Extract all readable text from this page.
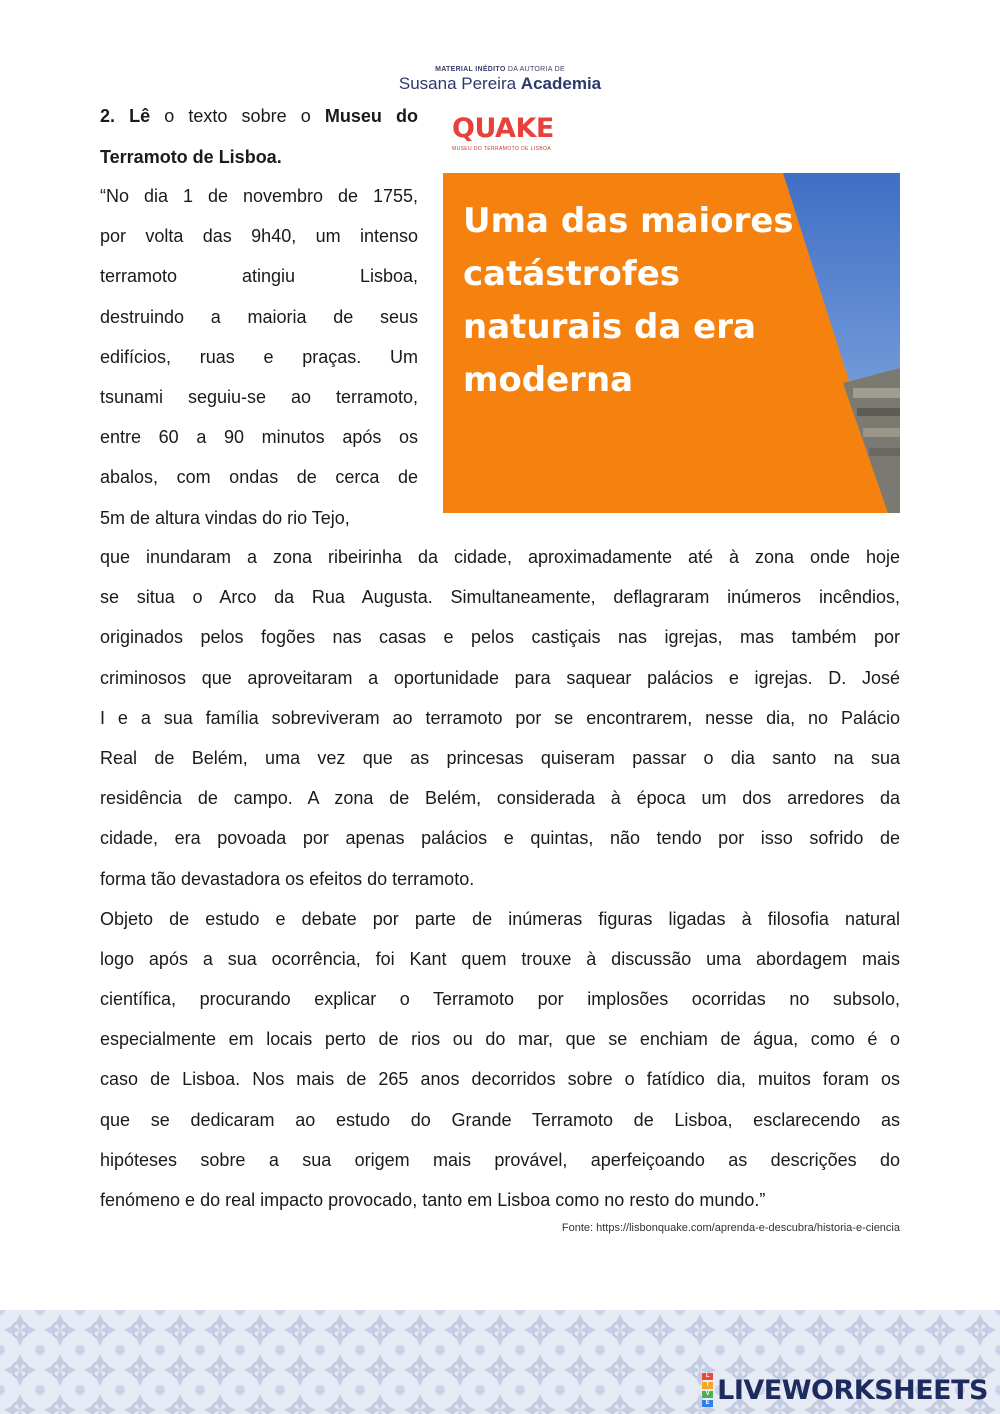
MATERIAL INÉDITO DA AUTORIA DE
Susana Pereira Academia
2. Lê o texto sobre o Museu do
Terramoto de Lisboa.
“No dia 1 de novembro de 1755,
por volta das 9h40, um intenso
terramoto atingiu Lisboa,
destruindo a maioria de seus
edifícios, ruas e praças. Um
tsunami seguiu-se ao terramoto,
entre 60 a 90 minutos após os
abalos, com ondas de cerca de
5m de altura vindas do rio Tejo,
QUAKE
MUSEU DO TERRAMOTO DE LISBOA
Uma das maiores
catástrofes
naturais da era
moderna
que inundaram a zona ribeirinha da cidade, aproximadamente até à zona onde hoje
se situa o Arco da Rua Augusta. Simultaneamente, deflagraram inúmeros incêndios,
originados pelos fogões nas casas e pelos castiçais nas igrejas, mas também por
criminosos que aproveitaram a oportunidade para saquear palácios e igrejas. D. José
I e a sua família sobreviveram ao terramoto por se encontrarem, nesse dia, no Palácio
Real de Belém, uma vez que as princesas quiseram passar o dia santo na sua
residência de campo. A zona de Belém, considerada à época um dos arredores da
cidade, era povoada por apenas palácios e quintas, não tendo por isso sofrido de
forma tão devastadora os efeitos do terramoto.
Objeto de estudo e debate por parte de inúmeras figuras ligadas à filosofia natural
logo após a sua ocorrência, foi Kant quem trouxe à discussão uma abordagem mais
científica, procurando explicar o Terramoto por implosões ocorridas no subsolo,
especialmente em locais perto de rios ou do mar, que se enchiam de água, como é o
caso de Lisboa. Nos mais de 265 anos decorridos sobre o fatídico dia, muitos foram os
que se dedicaram ao estudo do Grande Terramoto de Lisboa, esclarecendo as
hipóteses sobre a sua origem mais provável, aperfeiçoando as descrições do
fenómeno e do real impacto provocado, tanto em Lisboa como no resto do mundo.”
Fonte: https://lisbonquake.com/aprenda-e-descubra/historia-e-ciencia
L
I
V
E LIVEWORKSHEETS
